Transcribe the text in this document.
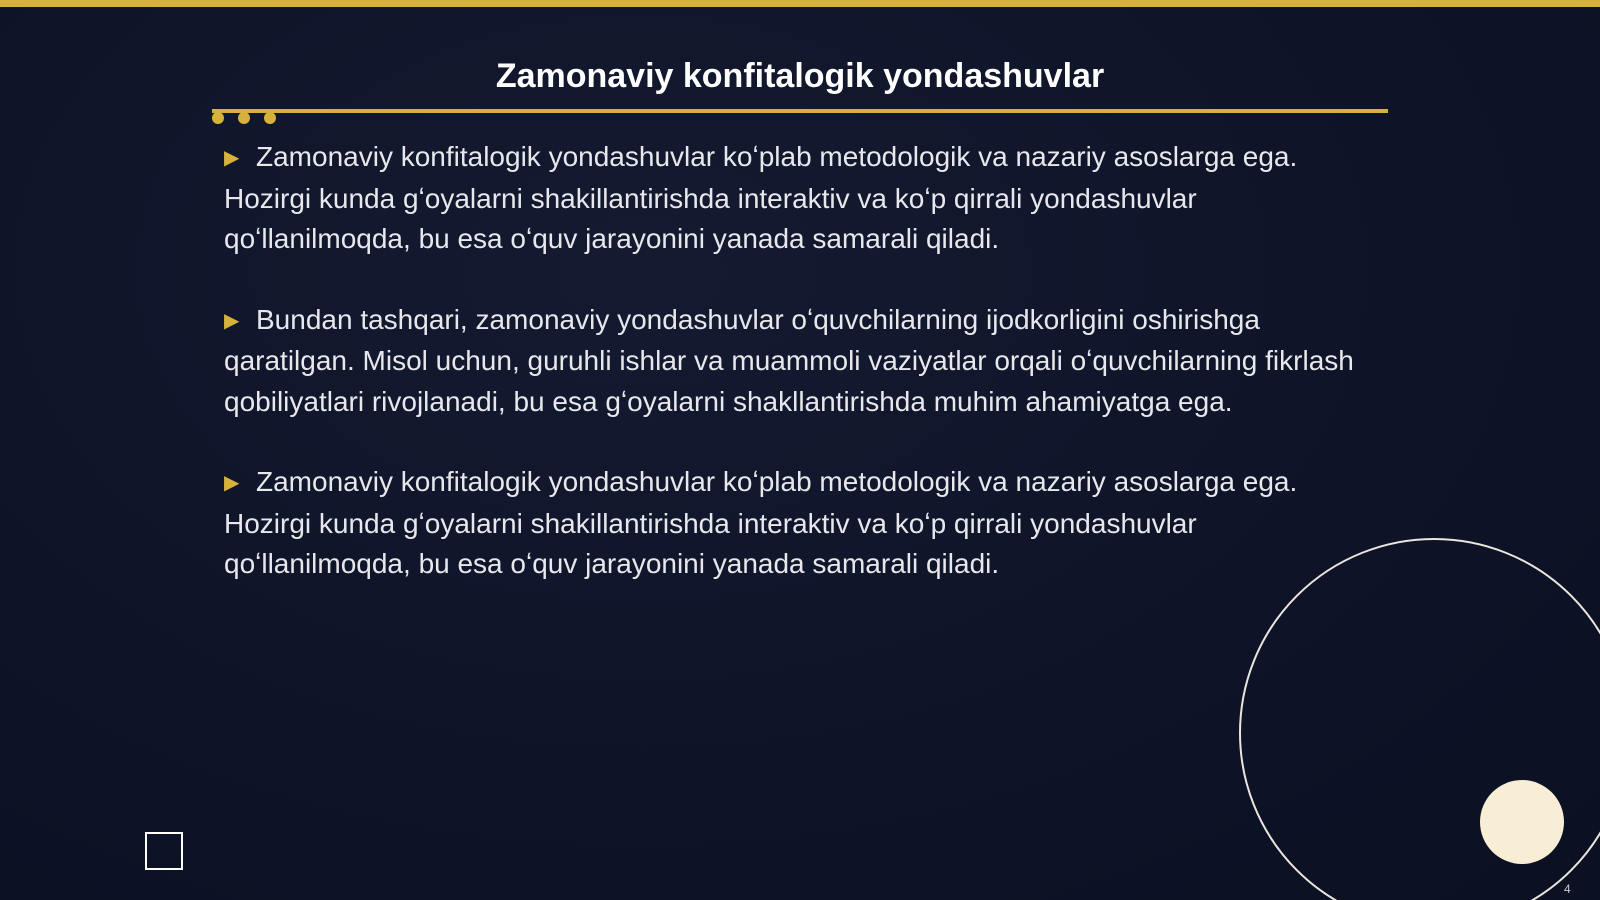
Zamonaviy konfitalogik yondashuvlar

▶ Zamonaviy konfitalogik yondashuvlar koʻplab metodologik va nazariy asoslarga ega. Hozirgi kunda gʻoyalarni shakillantirishda interaktiv va koʻp qirrali yondashuvlar qoʻllanilmoqda, bu esa oʻquv jarayonini yanada samarali qiladi.

▶ Bundan tashqari, zamonaviy yondashuvlar oʻquvchilarning ijodkorligini oshirishga qaratilgan. Misol uchun, guruhli ishlar va muammoli vaziyatlar orqali oʻquvchilarning fikrlash qobiliyatlari rivojlanadi, bu esa gʻoyalarni shakllantirishda muhim ahamiyatga ega.

▶ Zamonaviy konfitalogik yondashuvlar koʻplab metodologik va nazariy asoslarga ega. Hozirgi kunda gʻoyalarni shakillantirishda interaktiv va koʻp qirrali yondashuvlar qoʻllanilmoqda, bu esa oʻquv jarayonini yanada samarali qiladi.

4
